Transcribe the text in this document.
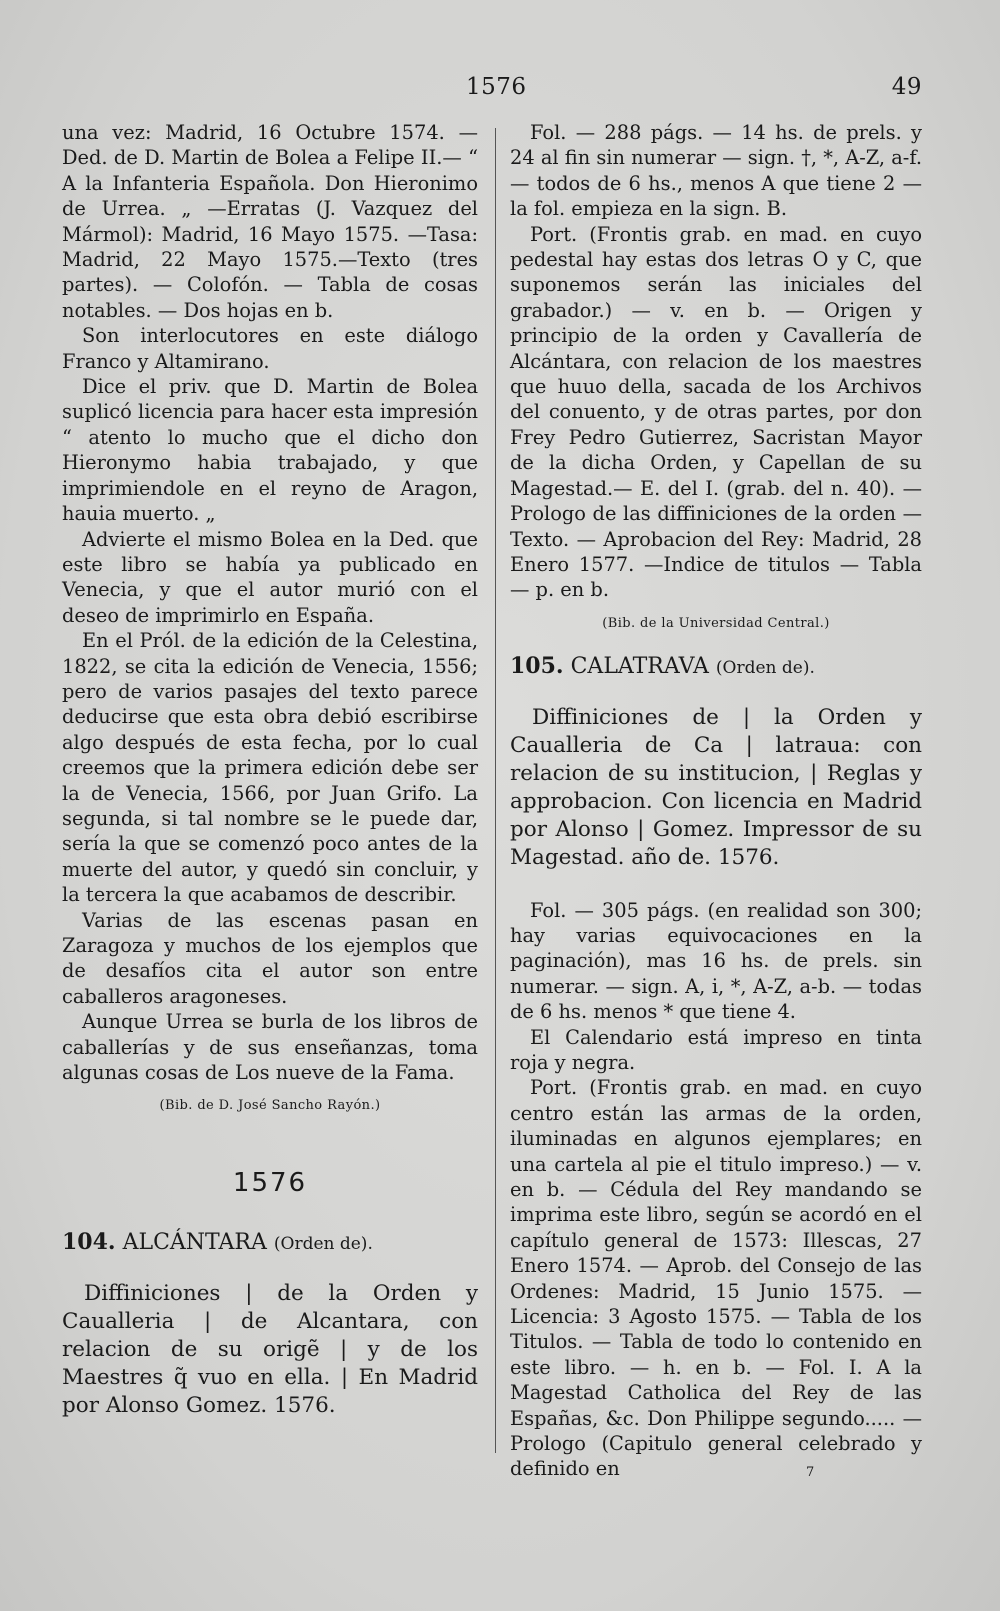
1576	49

una vez: Madrid, 16 Octubre 1574. — Ded. de D. Martin de Bolea a Felipe II.— “ A la Infanteria Española. Don Hieronimo de Urrea. „ —Erratas (J. Vazquez del Mármol): Madrid, 16 Mayo 1575. —Tasa: Madrid, 22 Mayo 1575.—Texto (tres partes). — Colofón. — Tabla de cosas notables. — Dos hojas en b.

Son interlocutores en este diálogo Franco y Altamirano.

Dice el priv. que D. Martin de Bolea suplicó licencia para hacer esta impresión “ atento lo mucho que el dicho don Hieronymo habia trabajado, y que imprimiendole en el reyno de Aragon, hauia muerto. „

Advierte el mismo Bolea en la Ded. que este libro se había ya publicado en Venecia, y que el autor murió con el deseo de imprimirlo en España.

En el Pról. de la edición de la Celestina, 1822, se cita la edición de Venecia, 1556; pero de varios pasajes del texto parece deducirse que esta obra debió escribirse algo después de esta fecha, por lo cual creemos que la primera edición debe ser la de Venecia, 1566, por Juan Grifo. La segunda, si tal nombre se le puede dar, sería la que se comenzó poco antes de la muerte del autor, y quedó sin concluir, y la tercera la que acabamos de describir.

Varias de las escenas pasan en Zaragoza y muchos de los ejemplos que de desafíos cita el autor son entre caballeros aragoneses.

Aunque Urrea se burla de los libros de caballerías y de sus enseñanzas, toma algunas cosas de Los nueve de la Fama.

(Bib. de D. José Sancho Rayón.)

1576
104. ALCÁNTARA (Orden de).

Diffiniciones | de la Orden y Caualleria | de Alcantara, con relacion de su origẽ | y de los Maestres q̃ vuo en ella. | En Madrid por Alonso Gomez. 1576.

Fol. — 288 págs. — 14 hs. de prels. y 24 al fin sin numerar — sign. †, *, A-Z, a-f. — todos de 6 hs., menos A que tiene 2 — la fol. empieza en la sign. B.

Port. (Frontis grab. en mad. en cuyo pedestal hay estas dos letras O y C, que suponemos serán las iniciales del grabador.) — v. en b. — Origen y principio de la orden y Cavallería de Alcántara, con relacion de los maestres que huuo della, sacada de los Archivos del conuento, y de otras partes, por don Frey Pedro Gutierrez, Sacristan Mayor de la dicha Orden, y Capellan de su Magestad.— E. del I. (grab. del n. 40). —Prologo de las diffiniciones de la orden — Texto. — Aprobacion del Rey: Madrid, 28 Enero 1577. —Indice de titulos — Tabla — p. en b.

(Bib. de la Universidad Central.)

105. CALATRAVA (Orden de).

Diffiniciones de | la Orden y Caualleria de Ca | latraua: con relacion de su institucion, | Reglas y approbacion. Con licencia en Madrid por Alonso | Gomez. Impressor de su Magestad. año de. 1576.

Fol. — 305 págs. (en realidad son 300; hay varias equivocaciones en la paginación), mas 16 hs. de prels. sin numerar. — sign. A, i, *, A-Z, a-b. — todas de 6 hs. menos * que tiene 4.

El Calendario está impreso en tinta roja y negra.

Port. (Frontis grab. en mad. en cuyo centro están las armas de la orden, iluminadas en algunos ejemplares; en una cartela al pie el titulo impreso.) — v. en b. — Cédula del Rey mandando se imprima este libro, según se acordó en el capítulo general de 1573: Illescas, 27 Enero 1574. — Aprob. del Consejo de las Ordenes: Madrid, 15 Junio 1575. — Licencia: 3 Agosto 1575. — Tabla de los Titulos. — Tabla de todo lo contenido en este libro. — h. en b. — Fol. I. A la Magestad Catholica del Rey de las Españas, &c. Don Philippe segundo..... — Prologo (Capitulo general celebrado y definido en	7
